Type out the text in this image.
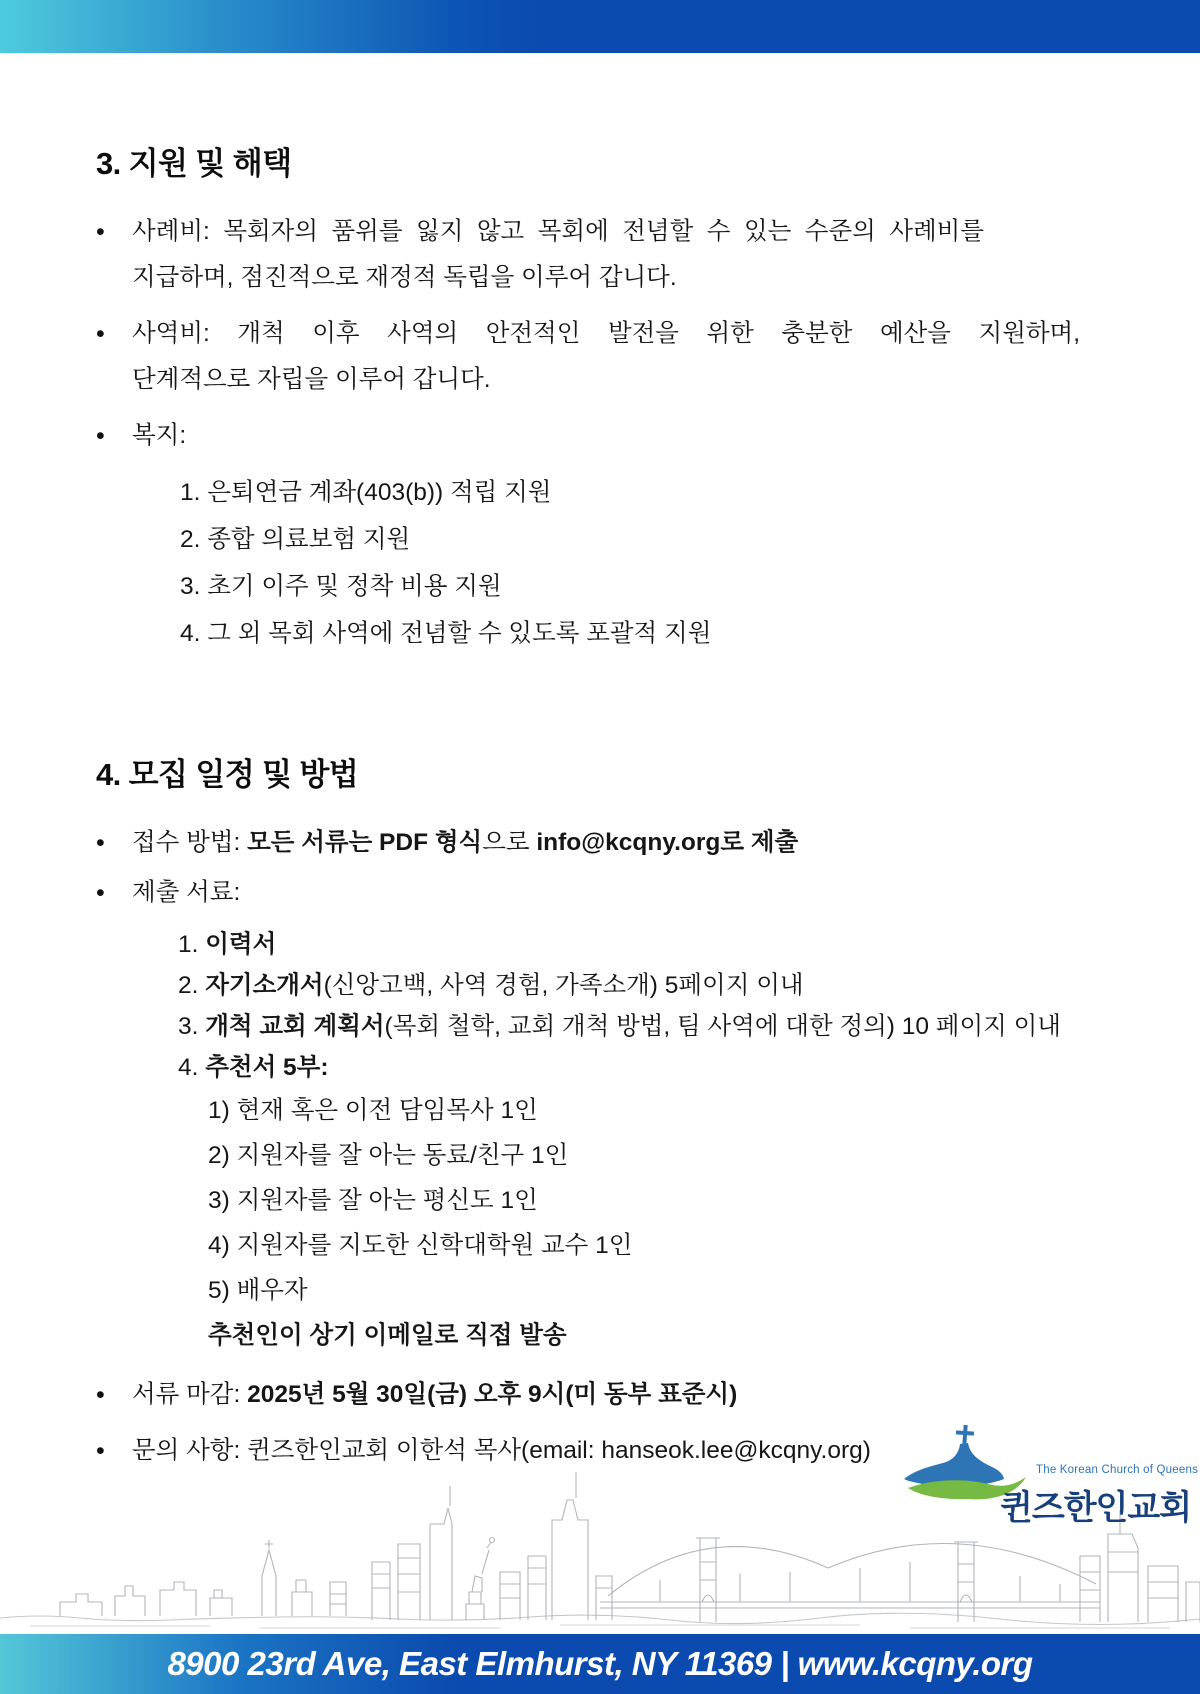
3. 지원 및 해택
•
사례비: 목회자의 품위를 잃지 않고 목회에 전념할 수 있는 수준의 사례비를
지급하며, 점진적으로 재정적 독립을 이루어 갑니다.
•
사역비: 개척 이후 사역의 안전적인 발전을 위한 충분한 예산을 지원하며,
단계적으로 자립을 이루어 갑니다.
•
복지:
1. 은퇴연금 계좌(403(b)) 적립 지원
2. 종합 의료보험 지원
3. 초기 이주 및 정착 비용 지원
4. 그 외 목회 사역에 전념할 수 있도록 포괄적 지원
4. 모집 일정 및 방법
•
접수 방법: 모든 서류는 PDF 형식으로 info@kcqny.org로 제출
•
제출 서료:
1. 이력서
2. 자기소개서(신앙고백, 사역 경험, 가족소개) 5페이지 이내
3. 개척 교회 계획서(목회 철학, 교회 개척 방법, 팀 사역에 대한 정의) 10 페이지 이내
4. 추천서 5부:
1) 현재 혹은 이전 담임목사 1인
2) 지원자를 잘 아는 동료/친구 1인
3) 지원자를 잘 아는 평신도 1인
4) 지원자를 지도한 신학대학원 교수 1인
5) 배우자
추천인이 상기 이메일로 직접 발송
•
서류 마감: 2025년 5월 30일(금) 오후 9시(미 동부 표준시)
•
문의 사항: 퀸즈한인교회 이한석 목사(email: hanseok.lee@kcqny.org)
The Korean Church of Queens
퀸즈한인교회
8900 23rd Ave, East Elmhurst, NY 11369 | www.kcqny.org
